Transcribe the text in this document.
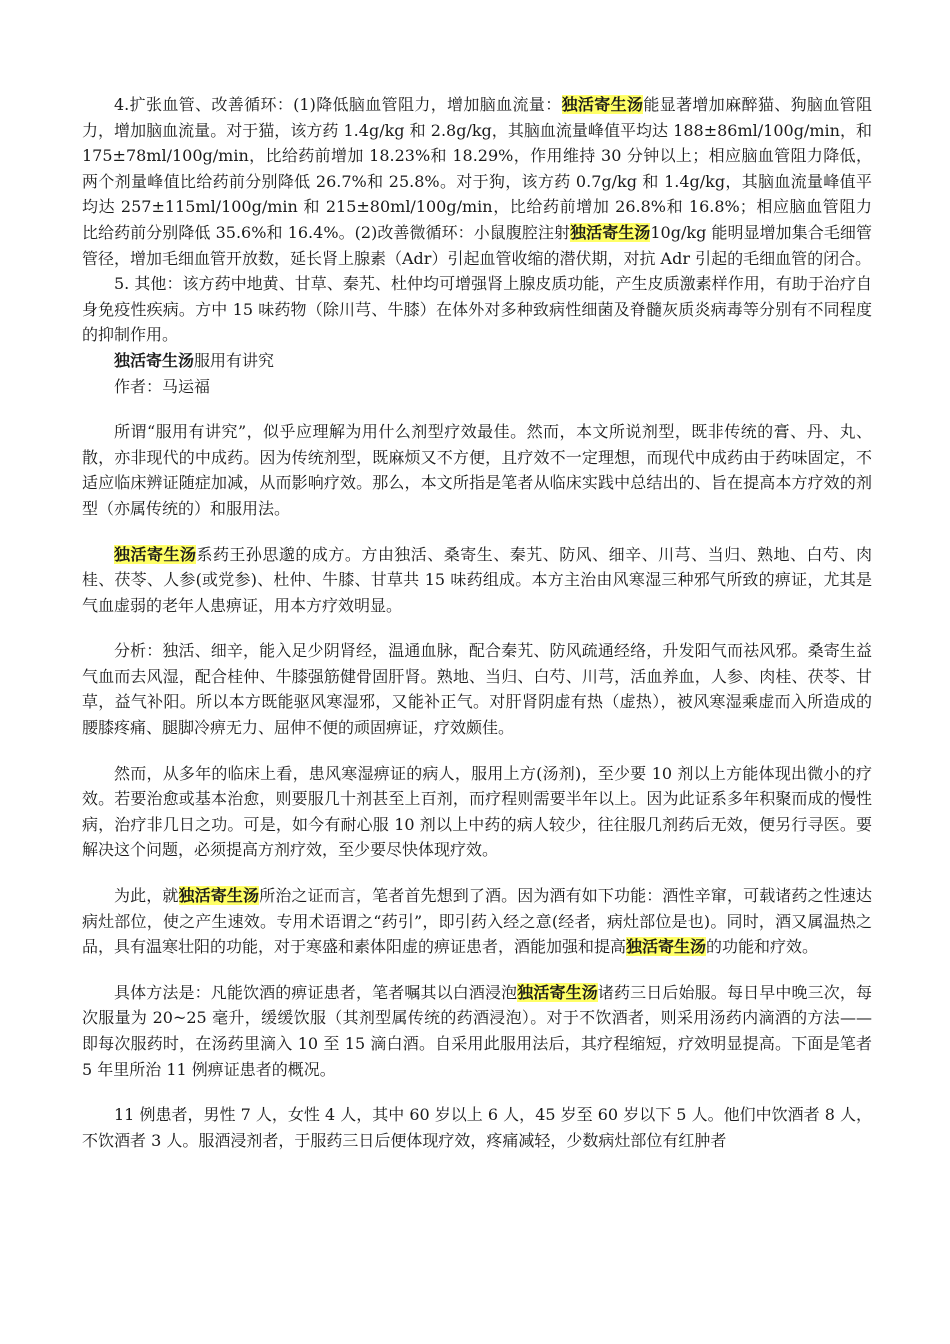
4.扩张血管、改善循环：(1)降低脑血管阻力，增加脑血流量：独活寄生汤能显著增加麻醉猫、狗脑血管阻力，增加脑血流量。对于猫，该方药 1.4g/kg 和 2.8g/kg，其脑血流量峰值平均达 188±86ml/100g/min，和 175±78ml/100g/min，比给药前增加 18.23%和 18.29%，作用维持 30 分钟以上；相应脑血管阻力降低，两个剂量峰值比给药前分别降低 26.7%和 25.8%。对于狗，该方药 0.7g/kg 和 1.4g/kg，其脑血流量峰值平均达 257±115ml/100g/min 和 215±80ml/100g/min，比给药前增加 26.8%和 16.8%；相应脑血管阻力比给药前分别降低 35.6%和 16.4%。(2)改善微循环：小鼠腹腔注射独活寄生汤10g/kg 能明显增加集合毛细管管径，增加毛细血管开放数，延长肾上腺素（Adr）引起血管收缩的潜伏期，对抗 Adr 引起的毛细血管的闭合。

5. 其他：该方药中地黄、甘草、秦艽、杜仲均可增强肾上腺皮质功能，产生皮质激素样作用，有助于治疗自身免疫性疾病。方中 15 味药物（除川芎、牛膝）在体外对多种致病性细菌及脊髓灰质炎病毒等分别有不同程度的抑制作用。

独活寄生汤服用有讲究

作者：马运福

所谓“服用有讲究”，似乎应理解为用什么剂型疗效最佳。然而，本文所说剂型，既非传统的膏、丹、丸、散，亦非现代的中成药。因为传统剂型，既麻烦又不方便，且疗效不一定理想，而现代中成药由于药味固定，不适应临床辨证随症加减，从而影响疗效。那么，本文所指是笔者从临床实践中总结出的、旨在提高本方疗效的剂型（亦属传统的）和服用法。

独活寄生汤系药王孙思邈的成方。方由独活、桑寄生、秦艽、防风、细辛、川芎、当归、熟地、白芍、肉桂、茯苓、人参(或党参)、杜仲、牛膝、甘草共 15 味药组成。本方主治由风寒湿三种邪气所致的痹证，尤其是气血虚弱的老年人患痹证，用本方疗效明显。

分析：独活、细辛，能入足少阴肾经，温通血脉，配合秦艽、防风疏通经络，升发阳气而祛风邪。桑寄生益气血而去风湿，配合桂仲、牛膝强筋健骨固肝肾。熟地、当归、白芍、川芎，活血养血，人参、肉桂、茯苓、甘草，益气补阳。所以本方既能驱风寒湿邪，又能补正气。对肝肾阴虚有热（虚热），被风寒湿乘虚而入所造成的腰膝疼痛、腿脚冷痹无力、屈伸不便的顽固痹证，疗效颇佳。

然而，从多年的临床上看，患风寒湿痹证的病人，服用上方(汤剂)，至少要 10 剂以上方能体现出微小的疗效。若要治愈或基本治愈，则要服几十剂甚至上百剂，而疗程则需要半年以上。因为此证系多年积聚而成的慢性病，治疗非几日之功。可是，如今有耐心服 10 剂以上中药的病人较少，往往服几剂药后无效，便另行寻医。要解决这个问题，必须提高方剂疗效，至少要尽快体现疗效。

为此，就独活寄生汤所治之证而言，笔者首先想到了酒。因为酒有如下功能：酒性辛窜，可载诸药之性速达病灶部位，使之产生速效。专用术语谓之“药引”，即引药入经之意(经者，病灶部位是也)。同时，酒又属温热之品，具有温寒壮阳的功能，对于寒盛和素体阳虚的痹证患者，酒能加强和提高独活寄生汤的功能和疗效。

具体方法是：凡能饮酒的痹证患者，笔者嘱其以白酒浸泡独活寄生汤诸药三日后始服。每日早中晚三次，每次服量为 20~25 毫升，缓缓饮服（其剂型属传统的药酒浸泡）。对于不饮酒者，则采用汤药内滴酒的方法——即每次服药时，在汤药里滴入 10 至 15 滴白酒。自采用此服用法后，其疗程缩短，疗效明显提高。下面是笔者 5 年里所治 11 例痹证患者的概况。

11 例患者，男性 7 人，女性 4 人，其中 60 岁以上 6 人，45 岁至 60 岁以下 5 人。他们中饮酒者 8 人，不饮酒者 3 人。服酒浸剂者，于服药三日后便体现疗效，疼痛减轻，少数病灶部位有红肿者
